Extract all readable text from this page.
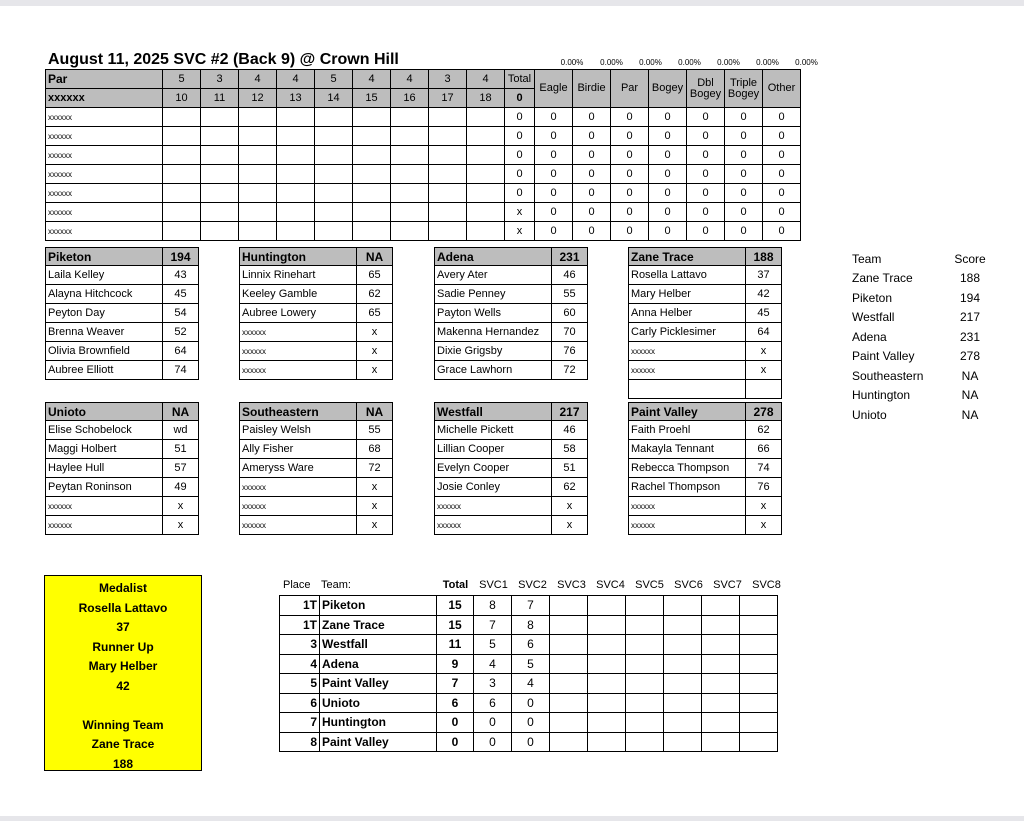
August 11, 2025 SVC #2 (Back 9) @ Crown Hill	0.00%	0.00%	0.00%	0.00%	0.00%	0.00%	0.00%
Par	5	3	4	4	5	4	4	3	4	Total	Eagle	Birdie	Par	Bogey	Dbl Bogey	Triple Bogey	Other
xxxxxx	10	11	12	13	14	15	16	17	18	0							
xxxxxx										0	0	0	0	0	0	0	0
xxxxxx										0	0	0	0	0	0	0	0
xxxxxx										0	0	0	0	0	0	0	0
xxxxxx										0	0	0	0	0	0	0	0
xxxxxx										0	0	0	0	0	0	0	0
xxxxxx										x	0	0	0	0	0	0	0
xxxxxx										x	0	0	0	0	0	0	0
Piketon	194
Laila Kelley	43
Alayna Hitchcock	45
Peyton Day	54
Brenna Weaver	52
Olivia Brownfield	64
Aubree Elliott	74
Huntington	NA
Linnix Rinehart	65
Keeley Gamble	62
Aubree Lowery	65
xxxxxx	x
xxxxxx	x
xxxxxx	x
Adena	231
Avery Ater	46
Sadie Penney	55
Payton Wells	60
Makenna Hernandez	70
Dixie Grigsby	76
Grace Lawhorn	72
Zane Trace	188
Rosella Lattavo	37
Mary Helber	42
Anna Helber	45
Carly Picklesimer	64
xxxxxx	x
xxxxxx	x

Unioto	NA
Elise Schobelock	wd
Maggi Holbert	51
Haylee Hull	57
Peytan Roninson	49
xxxxxx	x
xxxxxx	x
Southeastern	NA
Paisley Welsh	55
Ally Fisher	68
Ameryss Ware	72
xxxxxx	x
xxxxxx	x
xxxxxx	x
Westfall	217
Michelle Pickett	46
Lillian Cooper	58
Evelyn Cooper	51
Josie Conley	62
xxxxxx	x
xxxxxx	x
Paint Valley	278
Faith Proehl	62
Makayla Tennant	66
Rebecca Thompson	74
Rachel Thompson	76
xxxxxx	x
xxxxxx	x
Team	Score
Zane Trace	188
Piketon	194
Westfall	217
Adena	231
Paint Valley	278
Southeastern	NA
Huntington	NA
Unioto	NA
Medalist
Rosella Lattavo
37
Runner Up
Mary Helber
42
Winning Team
Zane Trace
188
Place Team:	Total SVC1 SVC2 SVC3 SVC4 SVC5 SVC6 SVC7 SVC8
1T	Piketon	15	8	7						
1T	Zane Trace	15	7	8						
3	Westfall	11	5	6						
4	Adena	9	4	5						
5	Paint Valley	7	3	4						
6	Unioto	6	6	0						
7	Huntington	0	0	0						
8	Paint Valley	0	0	0						
